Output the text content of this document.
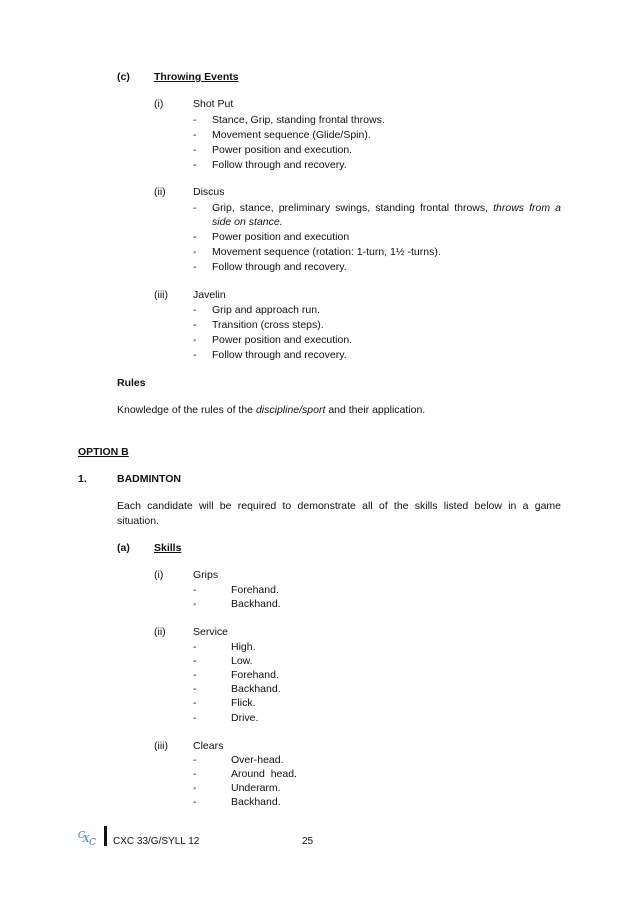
(c) Throwing Events
(i)	Shot Put
- Stance, Grip, standing frontal throws.
- Movement sequence (Glide/Spin).
- Power position and execution.
- Follow through and recovery.
(ii)	Discus
- Grip, stance, preliminary swings, standing frontal throws, throws from a
side on stance.
- Power position and execution
- Movement sequence (rotation: 1-turn, 1½ -turns).
- Follow through and recovery.
(iii) Javelin
- Grip and approach run.
- Transition (cross steps).
- Power position and execution.
- Follow through and recovery.
Rules
Knowledge of the rules of the discipline/sport and their application.
OPTION B
1.	BADMINTON
Each candidate will be required to demonstrate all of the skills listed below in a game
situation.
(a) Skills
(i)	Grips
-	Forehand.
-	Backhand.
(ii)	Service
-	High.
-	Low.
-	Forehand.
-	Backhand.
-	Flick.
-	Drive.
(iii) Clears
-	Over-head.
-	Around  head.
-	Underarm.
-	Backhand.
C
X C CXC 33/G/SYLL 12	25
